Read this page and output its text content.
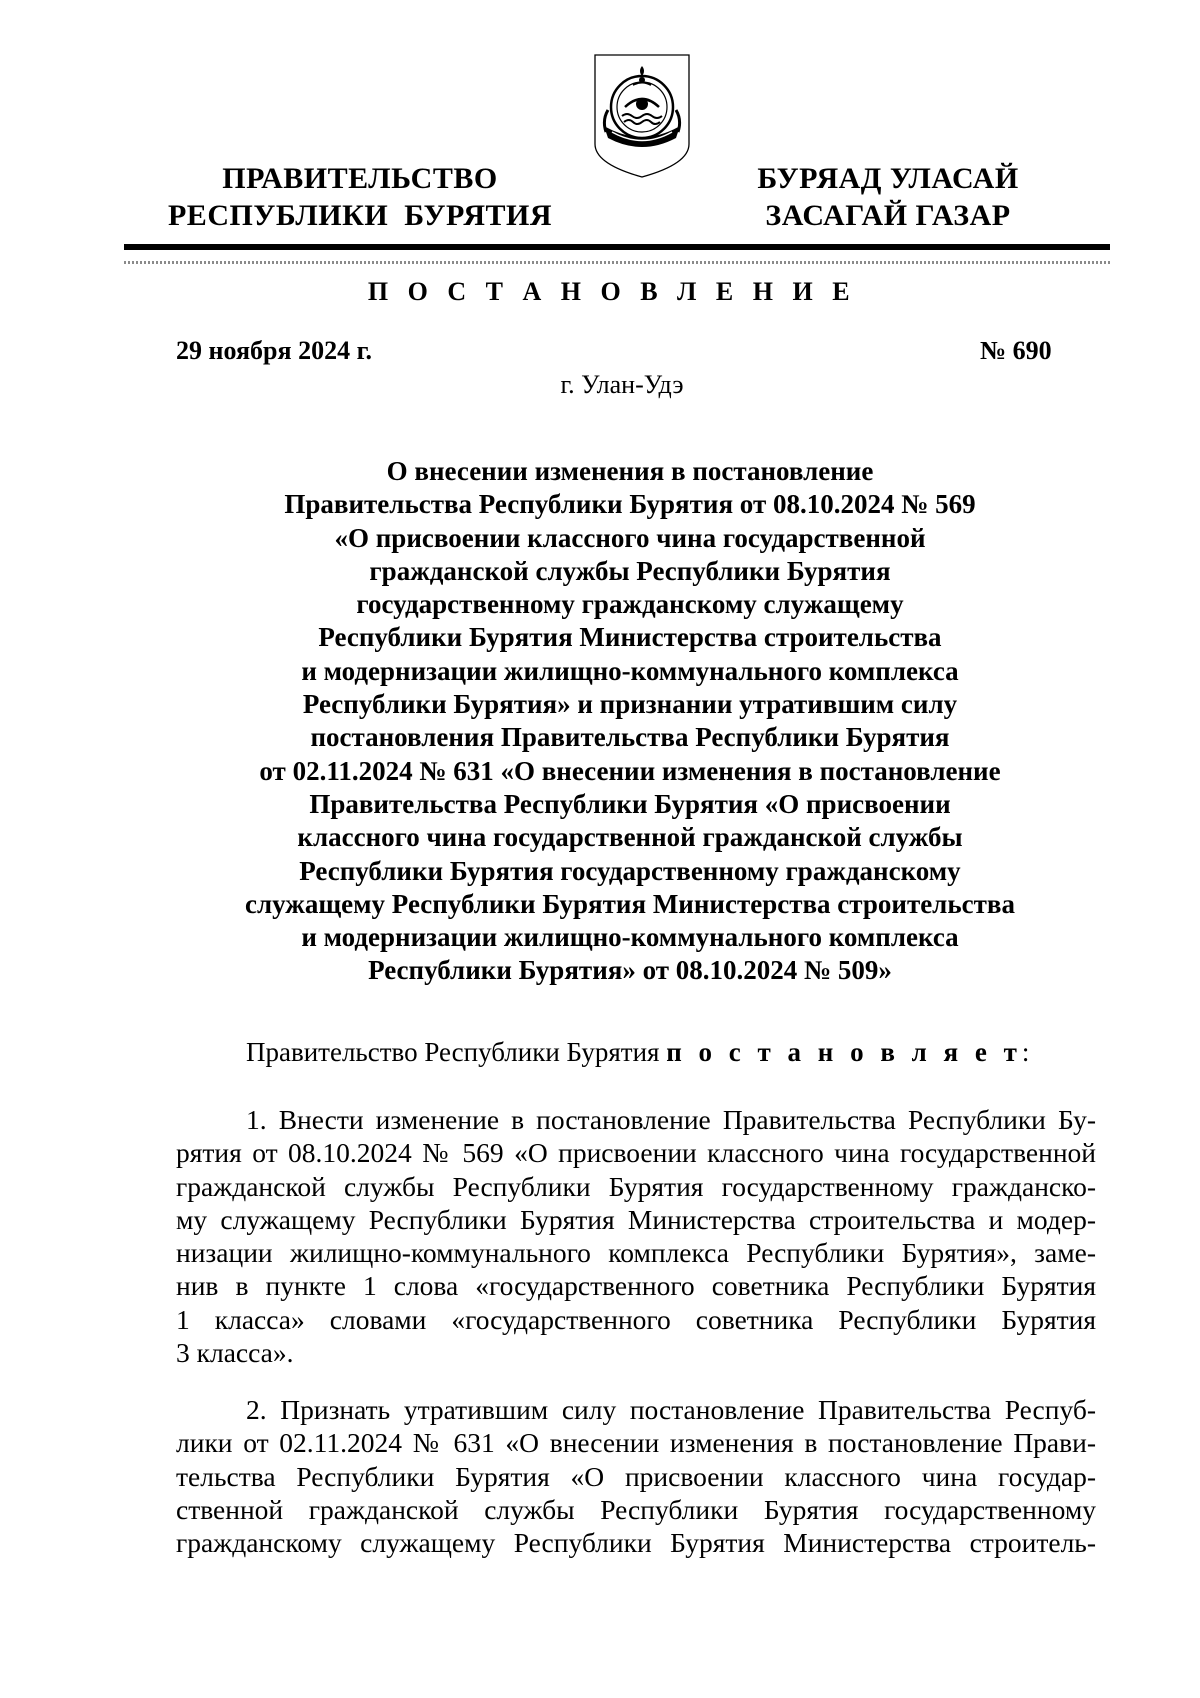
ПРАВИТЕЛЬСТВО
РЕСПУБЛИКИ  БУРЯТИЯ
БУРЯАД УЛАСАЙ
ЗАСАГАЙ ГАЗАР
П О С Т А Н О В Л Е Н И Е
29 ноября 2024 г.	№ 690
г. Улан-Удэ
О внесении изменения в постановление
Правительства Республики Бурятия от 08.10.2024 № 569
«О присвоении классного чина государственной
гражданской службы Республики Бурятия
государственному гражданскому служащему
Республики Бурятия Министерства строительства
и модернизации жилищно-коммунального комплекса
Республики Бурятия» и признании утратившим силу
постановления Правительства Республики Бурятия
от 02.11.2024 № 631 «О внесении изменения в постановление
Правительства Республики Бурятия «О присвоении
классного чина государственной гражданской службы
Республики Бурятия государственному гражданскому
служащему Республики Бурятия Министерства строительства
и модернизации жилищно-коммунального комплекса
Республики Бурятия» от 08.10.2024 № 509»
Правительство Республики Бурятия п о с т а н о в л я е т:
1. Внести изменение в постановление Правительства Республики Бу-
рятия от 08.10.2024 № 569 «О присвоении классного чина государственной
гражданской службы Республики Бурятия государственному гражданско-
му служащему Республики Бурятия Министерства строительства и модер-
низации жилищно-коммунального комплекса Республики Бурятия», заме-
нив в пункте 1 слова «государственного советника Республики Бурятия
1 класса» словами «государственного советника Республики Бурятия
3 класса».
2. Признать утратившим силу постановление Правительства Респуб-
лики от 02.11.2024 № 631 «О внесении изменения в постановление Прави-
тельства Республики Бурятия «О присвоении классного чина государ-
ственной гражданской службы Республики Бурятия государственному
гражданскому служащему Республики Бурятия Министерства строитель-
